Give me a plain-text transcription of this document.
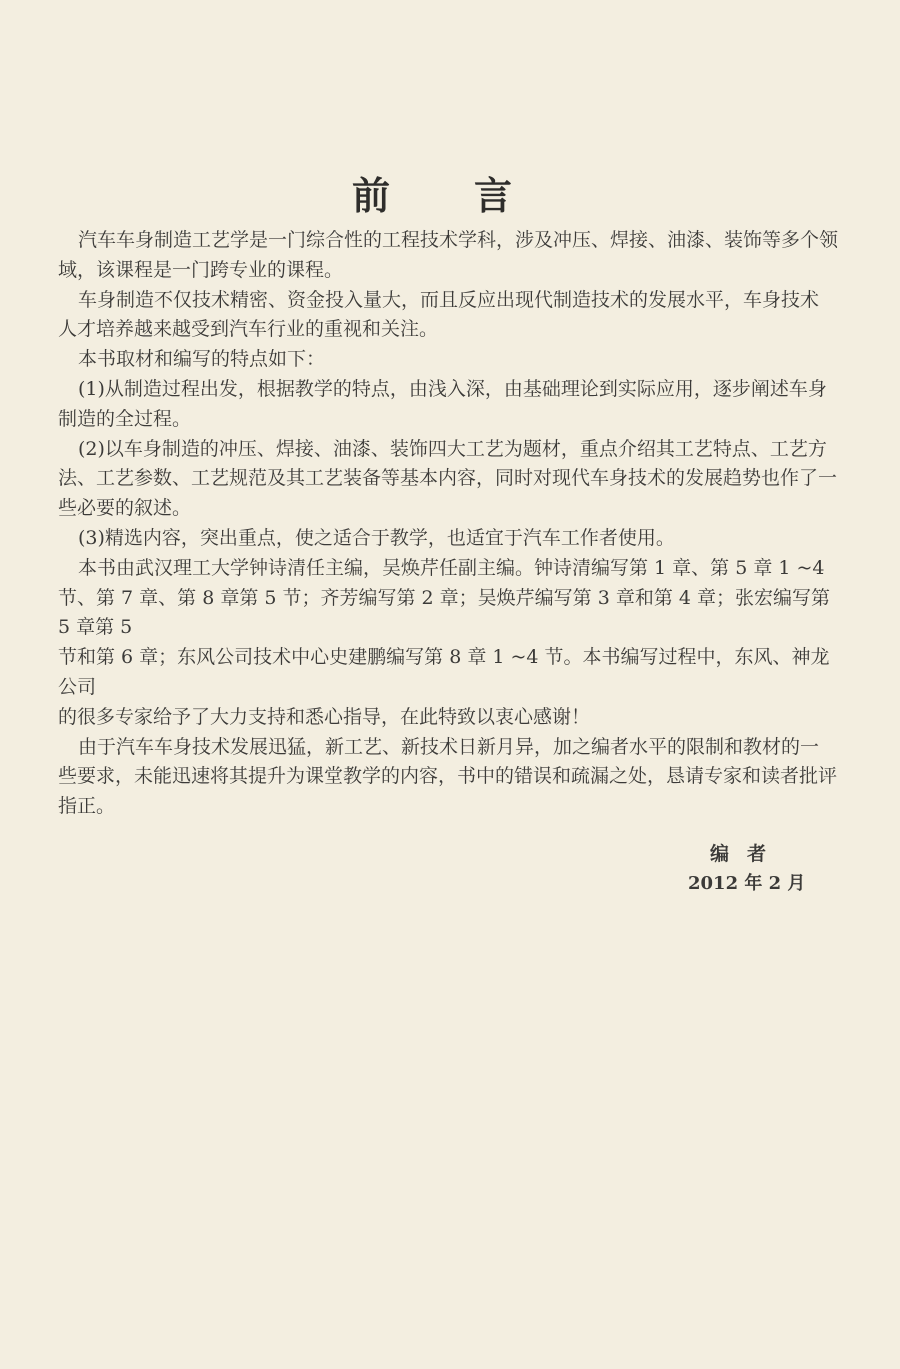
前 言
汽车车身制造工艺学是一门综合性的工程技术学科，涉及冲压、焊接、油漆、装饰等多个领
域，该课程是一门跨专业的课程。
车身制造不仅技术精密、资金投入量大，而且反应出现代制造技术的发展水平，车身技术
人才培养越来越受到汽车行业的重视和关注。
本书取材和编写的特点如下：
(1)从制造过程出发，根据教学的特点，由浅入深，由基础理论到实际应用，逐步阐述车身
制造的全过程。
(2)以车身制造的冲压、焊接、油漆、装饰四大工艺为题材，重点介绍其工艺特点、工艺方
法、工艺参数、工艺规范及其工艺装备等基本内容，同时对现代车身技术的发展趋势也作了一
些必要的叙述。
(3)精选内容，突出重点，使之适合于教学，也适宜于汽车工作者使用。
本书由武汉理工大学钟诗清任主编，吴焕芹任副主编。钟诗清编写第 1 章、第 5 章 1 ~4
节、第 7 章、第 8 章第 5 节；齐芳编写第 2 章；吴焕芹编写第 3 章和第 4 章；张宏编写第 5 章第 5
节和第 6 章；东风公司技术中心史建鹏编写第 8 章 1 ~4 节。本书编写过程中，东风、神龙公司
的很多专家给予了大力支持和悉心指导，在此特致以衷心感谢！
由于汽车车身技术发展迅猛，新工艺、新技术日新月异，加之编者水平的限制和教材的一
些要求，未能迅速将其提升为课堂教学的内容，书中的错误和疏漏之处，恳请专家和读者批评
指正。
编者
2012 年 2 月
